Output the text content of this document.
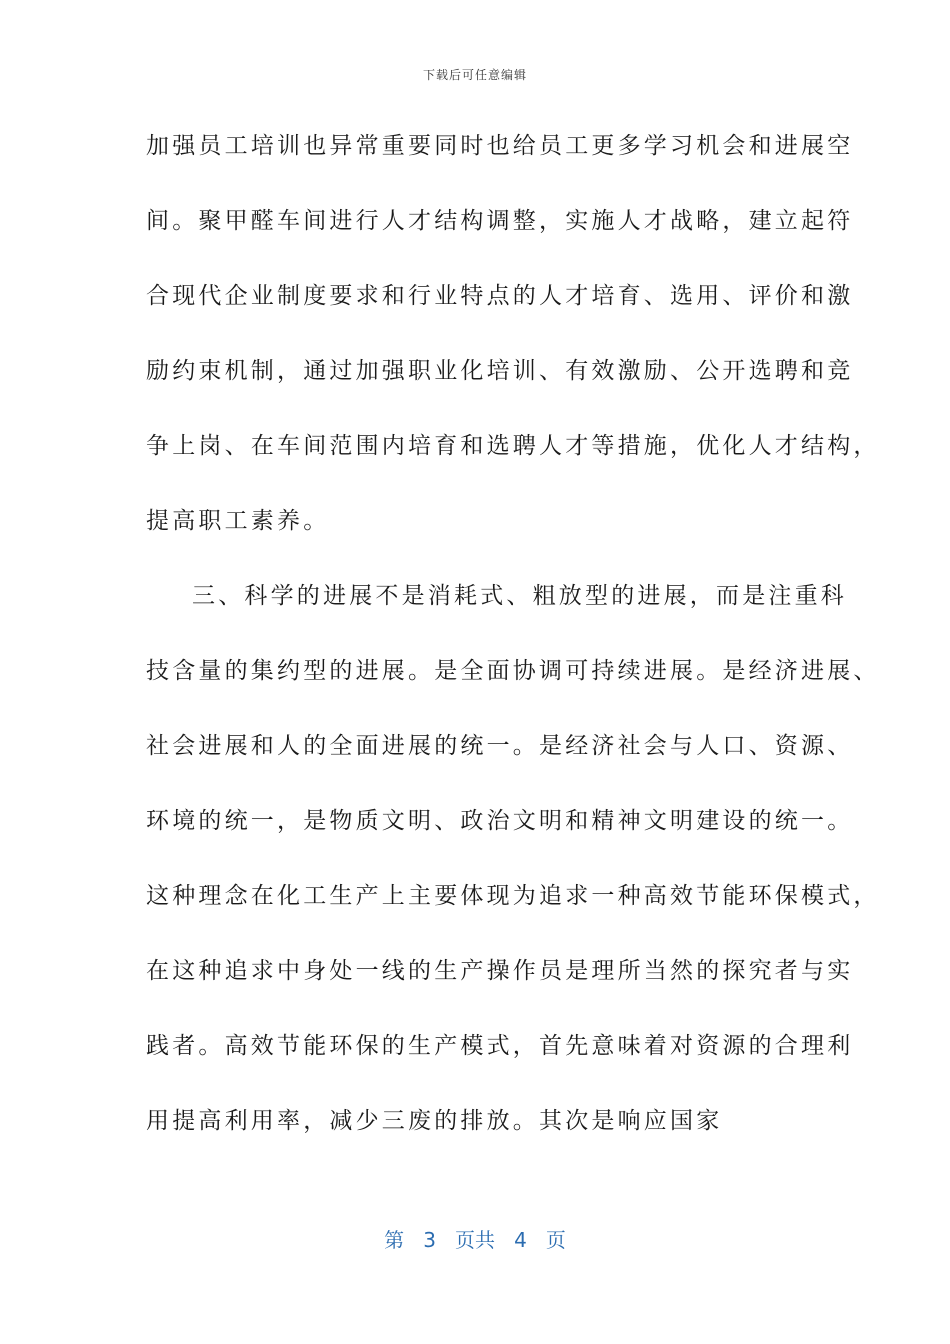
下载后可任意编辑
加强员工培训也异常重要同时也给员工更多学习机会和进展空
间。聚甲醛车间进行人才结构调整，实施人才战略，建立起符
合现代企业制度要求和行业特点的人才培育、选用、评价和激
励约束机制，通过加强职业化培训、有效激励、公开选聘和竞
争上岗、在车间范围内培育和选聘人才等措施，优化人才结构，
提高职工素养。
三、科学的进展不是消耗式、粗放型的进展，而是注重科
技含量的集约型的进展。是全面协调可持续进展。是经济进展、
社会进展和人的全面进展的统一。是经济社会与人口、资源、
环境的统一，是物质文明、政治文明和精神文明建设的统一。
这种理念在化工生产上主要体现为追求一种高效节能环保模式，
在这种追求中身处一线的生产操作员是理所当然的探究者与实
践者。高效节能环保的生产模式，首先意味着对资源的合理利
用提高利用率，减少三废的排放。其次是响应国家
第 3 页共 4 页
